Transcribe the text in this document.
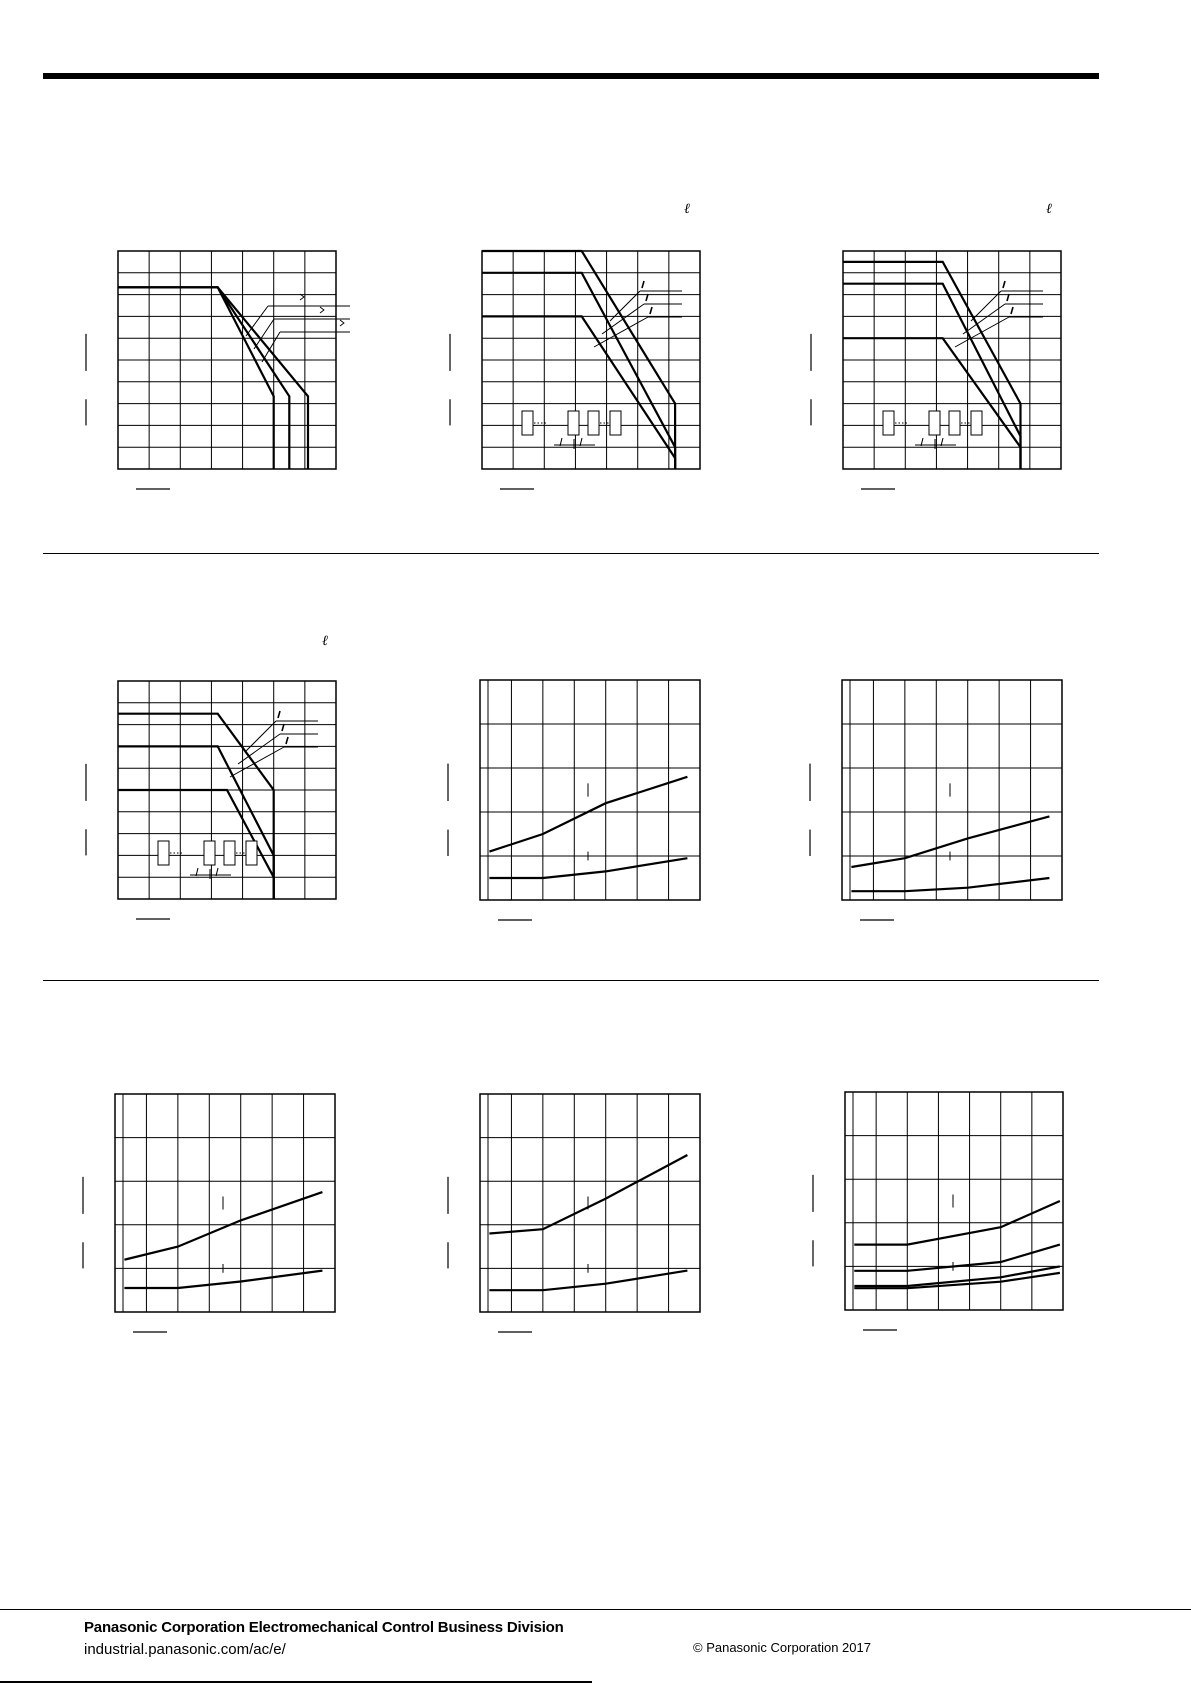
ℓ	ℓ
ℓ
Panasonic Corporation Electromechanical Control Business Division
industrial.panasonic.com/ac/e/	© Panasonic Corporation 2017
